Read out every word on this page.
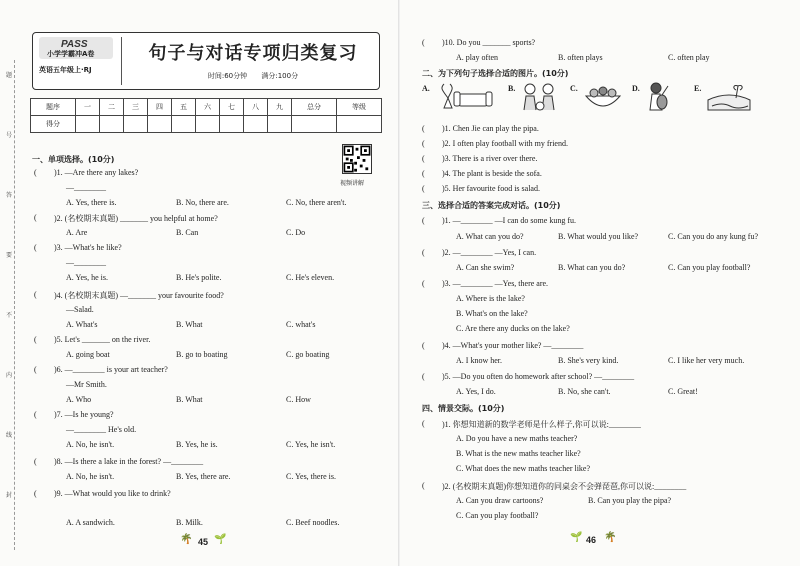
题
号
答
要
不
内
线
封
PASS
小学学霸冲A卷
英语五年级上·RJ
句子与对话专项归类复习
时间:60分钟 满分:100分
题序	一	二	三	四	五	六	七	八	九	总分	等级
得分											
视频讲解
一、单项选择。(10分)
( )1. —Are there any lakes?
—________
A. Yes, there is.	B. No, there are.	C. No, there aren't.
( )2. (名校期末真题) _______ you helpful at home?
A. Are	B. Can	C. Do
( )3. —What's he like?
—________
A. Yes, he is.	B. He's polite.	C. He's eleven.
( )4. (名校期末真题) —_______ your favourite food?
—Salad.
A. What's	B. What	C. what's
( )5. Let's _______ on the river.
A. going boat	B. go to boating	C. go boating
( )6. —________ is your art teacher?
—Mr Smith.
A. Who	B. What	C. How
( )7. —Is he young?
—________ He's old.
A. No, he isn't.	B. Yes, he is.	C. Yes, he isn't.
( )8. —Is there a lake in the forest? —________
A. No, he isn't.	B. Yes, there are.	C. Yes, there is.
( )9. —What would you like to drink?
A. A sandwich.	B. Milk.	C. Beef noodles.
🌴 45 🌱
( )10. Do you _______ sports?
A. play often	B. often plays	C. often play
二、为下列句子选择合适的图片。(10分)
A.	B.	C.	D.	E.
( )1. Chen Jie can play the pipa.
( )2. I often play football with my friend.
( )3. There is a river over there.
( )4. The plant is beside the sofa.
( )5. Her favourite food is salad.
三、选择合适的答案完成对话。(10分)
( )1. —________ —I can do some kung fu.
A. What can you do?	B. What would you like?	C. Can you do any kung fu?
( )2. —________ —Yes, I can.
A. Can she swim?	B. What can you do?	C. Can you play football?
( )3. —________ —Yes, there are.
A. Where is the lake?
B. What's on the lake?
C. Are there any ducks on the lake?
( )4. —What's your mother like? —________
A. I know her.	B. She's very kind.	C. I like her very much.
( )5. —Do you often do homework after school? —________
A. Yes, I do.	B. No, she can't.	C. Great!
四、情景交际。(10分)
( )1. 你想知道新的数学老师是什么样子,你可以说:________
A. Do you have a new maths teacher?
B. What is the new maths teacher like?
C. What does the new maths teacher like?
( )2. (名校期末真题)你想知道你的同桌会不会弹琵琶,你可以说:________
A. Can you draw cartoons?	B. Can you play the pipa?
C. Can you play football?
🌱 46 🌴
